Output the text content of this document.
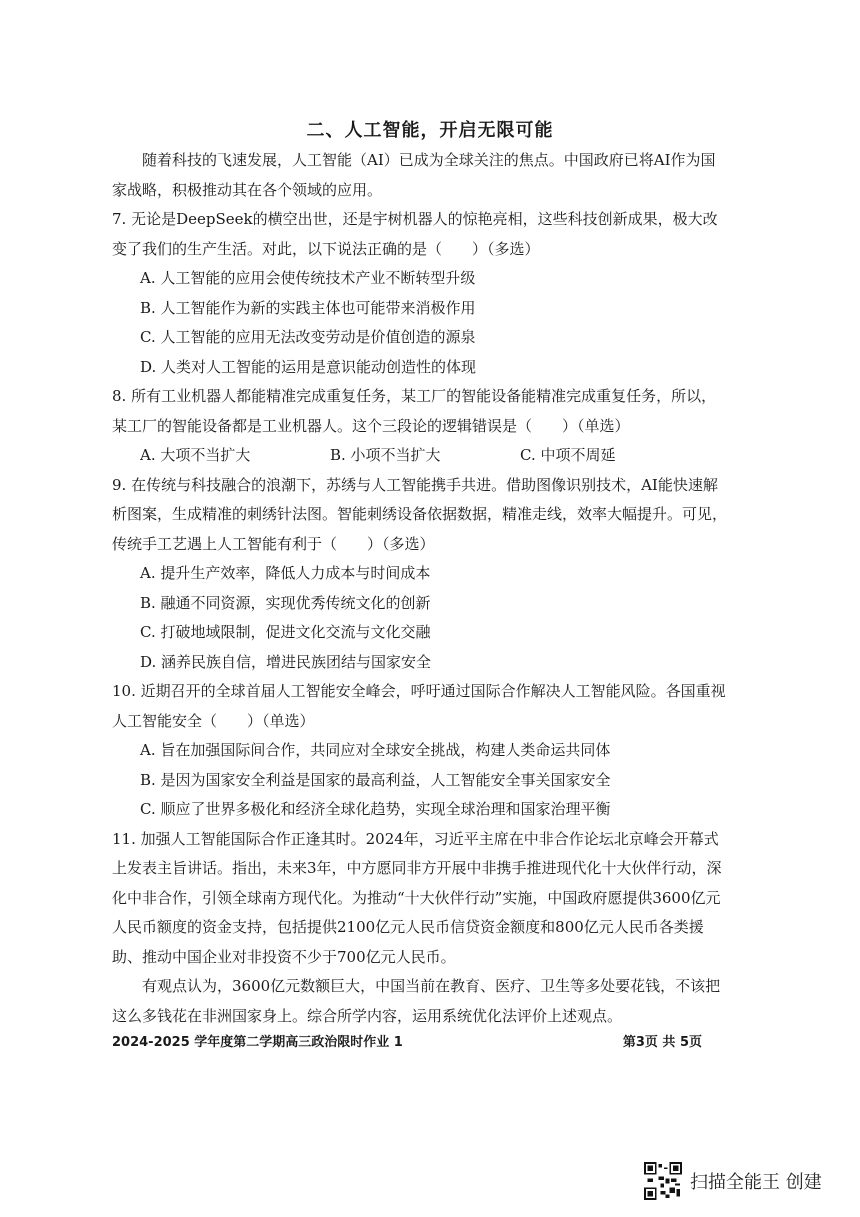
二、人工智能，开启无限可能

随着科技的飞速发展，人工智能（AI）已成为全球关注的焦点。中国政府已将AI作为国家战略，积极推动其在各个领域的应用。

7. 无论是DeepSeek的横空出世，还是宇树机器人的惊艳亮相，这些科技创新成果，极大改变了我们的生产生活。对此，以下说法正确的是（　　）（多选）

A. 人工智能的应用会使传统技术产业不断转型升级

B. 人工智能作为新的实践主体也可能带来消极作用

C. 人工智能的应用无法改变劳动是价值创造的源泉

D. 人类对人工智能的运用是意识能动创造性的体现

8. 所有工业机器人都能精准完成重复任务，某工厂的智能设备能精准完成重复任务，所以，某工厂的智能设备都是工业机器人。这个三段论的逻辑错误是（　　）（单选）

A. 大项不当扩大	B. 小项不当扩大	C. 中项不周延

9. 在传统与科技融合的浪潮下，苏绣与人工智能携手共进。借助图像识别技术，AI能快速解析图案，生成精准的刺绣针法图。智能刺绣设备依据数据，精准走线，效率大幅提升。可见，传统手工艺遇上人工智能有利于（　　）（多选）

A. 提升生产效率，降低人力成本与时间成本

B. 融通不同资源，实现优秀传统文化的创新

C. 打破地域限制，促进文化交流与文化交融

D. 涵养民族自信，增进民族团结与国家安全

10. 近期召开的全球首届人工智能安全峰会，呼吁通过国际合作解决人工智能风险。各国重视人工智能安全（　　）（单选）

A. 旨在加强国际间合作，共同应对全球安全挑战，构建人类命运共同体

B. 是因为国家安全利益是国家的最高利益，人工智能安全事关国家安全

C. 顺应了世界多极化和经济全球化趋势，实现全球治理和国家治理平衡

11. 加强人工智能国际合作正逢其时。2024年，习近平主席在中非合作论坛北京峰会开幕式上发表主旨讲话。指出，未来3年，中方愿同非方开展中非携手推进现代化十大伙伴行动，深化中非合作，引领全球南方现代化。为推动“十大伙伴行动”实施，中国政府愿提供3600亿元人民币额度的资金支持，包括提供2100亿元人民币信贷资金额度和800亿元人民币各类援助、推动中国企业对非投资不少于700亿元人民币。

有观点认为，3600亿元数额巨大，中国当前在教育、医疗、卫生等多处要花钱，不该把这么多钱花在非洲国家身上。综合所学内容，运用系统优化法评价上述观点。

2024-2025 学年度第二学期高三政治限时作业 1	第3页 共 5页
扫描全能王 创建
